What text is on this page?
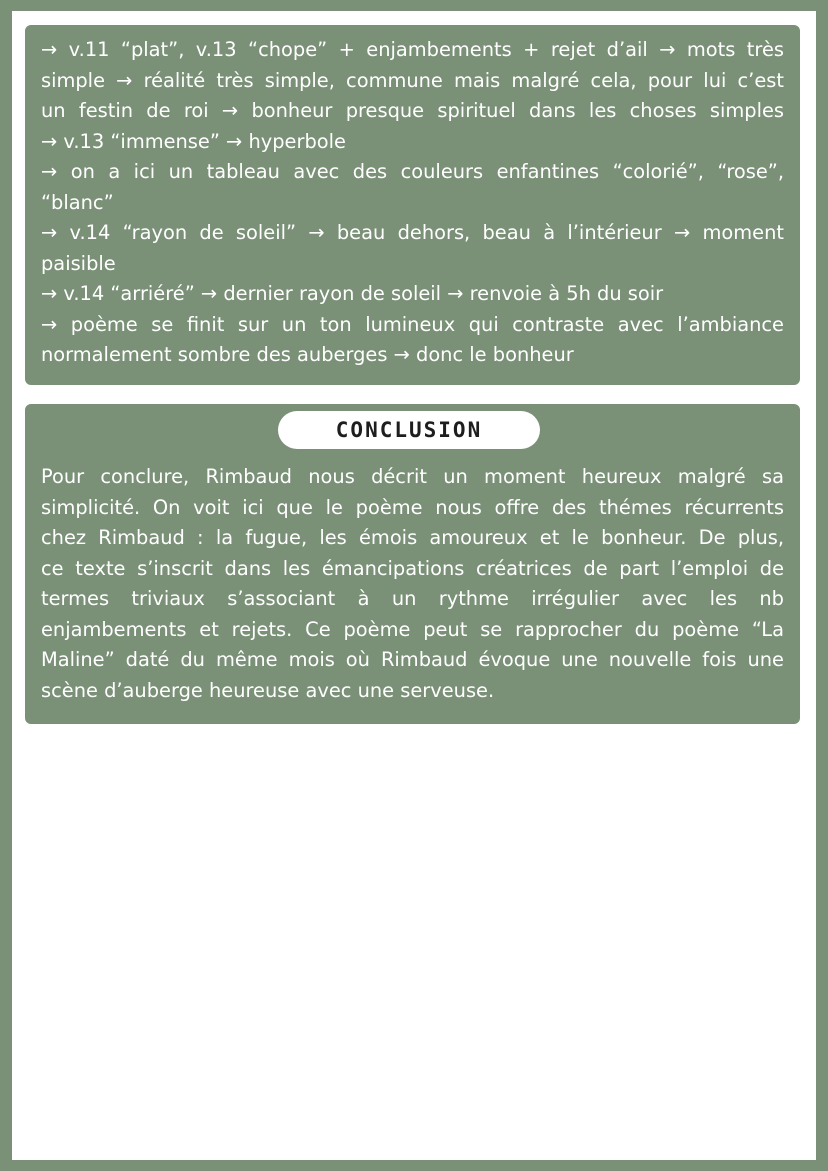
→ v.11 “plat”, v.13 “chope” + enjambements + rejet d’ail → mots très
simple → réalité très simple, commune mais malgré cela, pour lui c’est
un festin de roi → bonheur presque spirituel dans les choses simples
→ v.13 “immense” → hyperbole
→ on a ici un tableau avec des couleurs enfantines “colorié”, “rose”,
“blanc”
→ v.14 “rayon de soleil” → beau dehors, beau à l’intérieur → moment
paisible
→ v.14 “arriéré” → dernier rayon de soleil → renvoie à 5h du soir
→ poème se finit sur un ton lumineux qui contraste avec l’ambiance
normalement sombre des auberges → donc le bonheur
CONCLUSION
Pour conclure, Rimbaud nous décrit un moment heureux malgré sa
simplicité. On voit ici que le poème nous offre des thémes récurrents
chez Rimbaud : la fugue, les émois amoureux et le bonheur. De plus,
ce texte s’inscrit dans les émancipations créatrices de part l’emploi de
termes triviaux s’associant à un rythme irrégulier avec les nb
enjambements et rejets. Ce poème peut se rapprocher du poème “La
Maline” daté du même mois où Rimbaud évoque une nouvelle fois une
scène d’auberge heureuse avec une serveuse.
